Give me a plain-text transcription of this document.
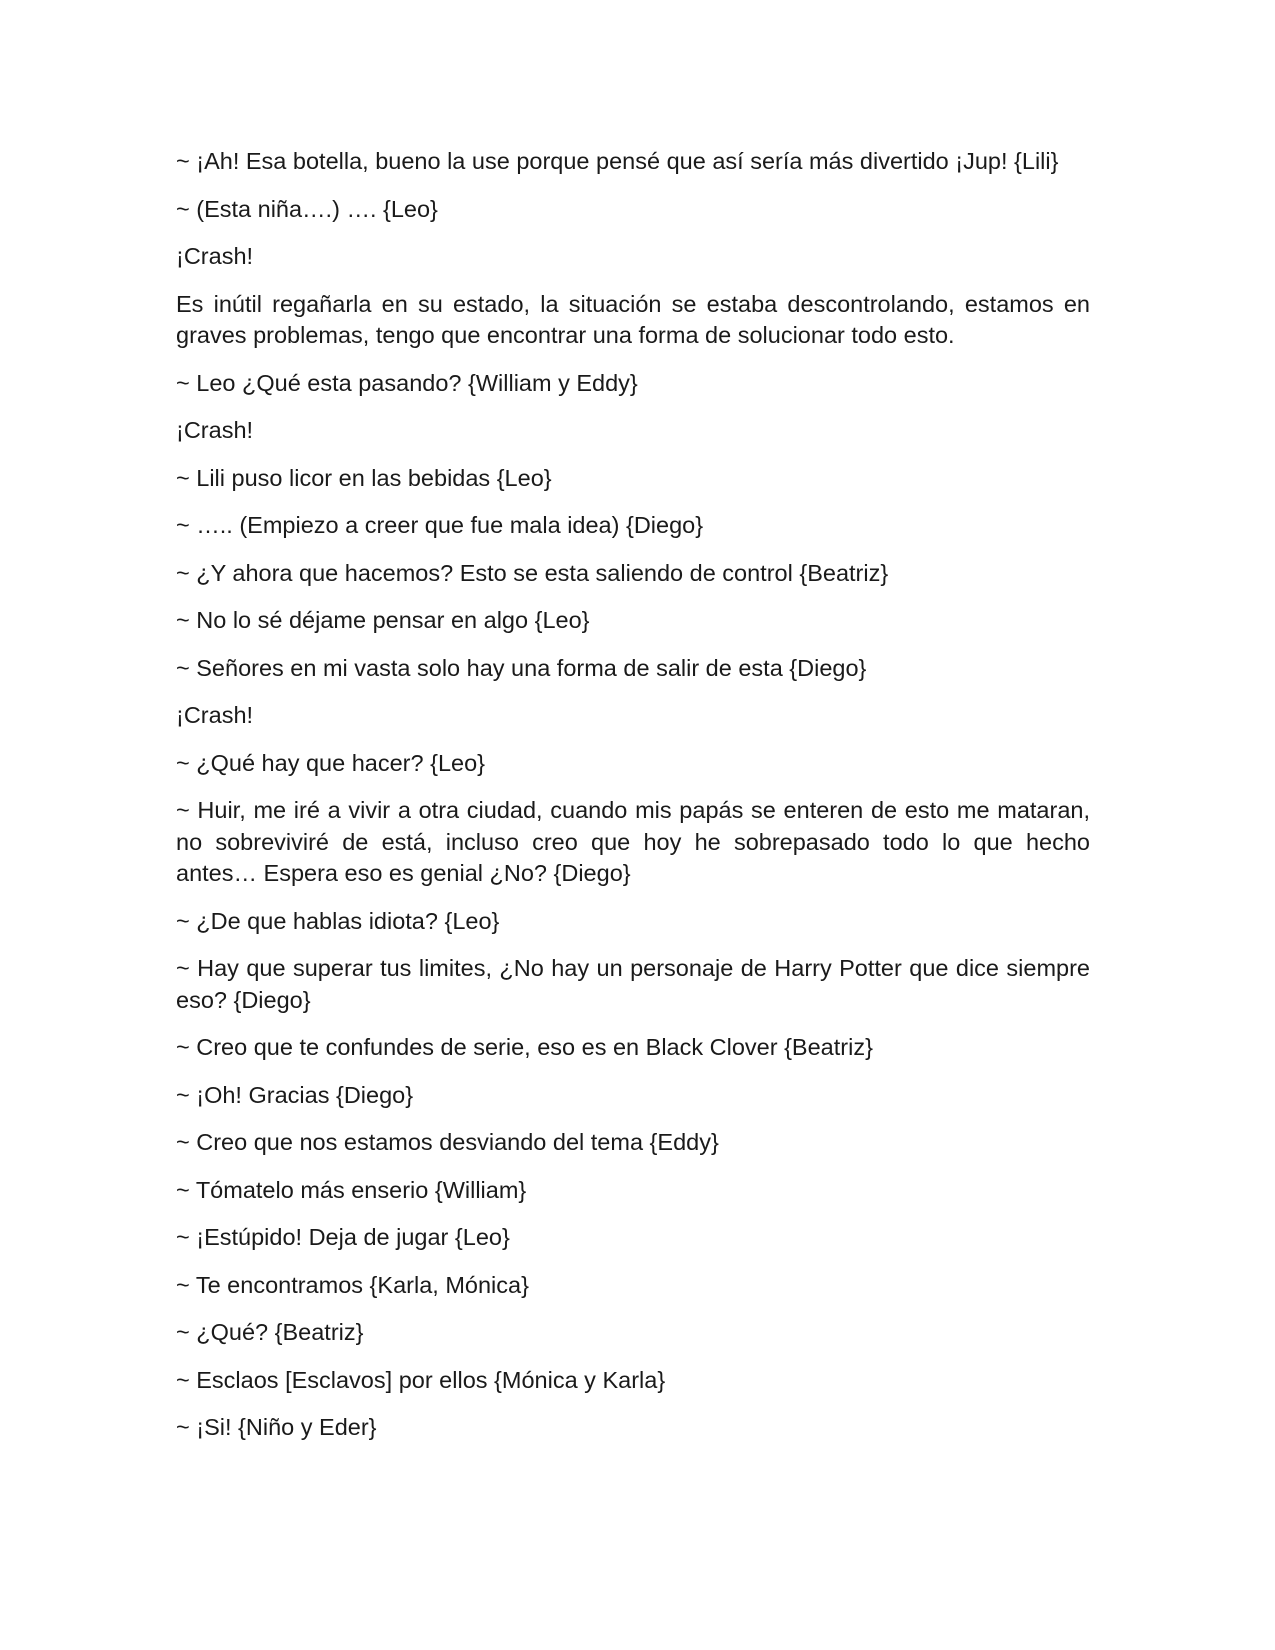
~ ¡Ah! Esa botella, bueno la use porque pensé que así sería más divertido ¡Jup! {Lili}

~ (Esta niña….) …. {Leo}

¡Crash!

Es inútil regañarla en su estado, la situación se estaba descontrolando, estamos en graves problemas, tengo que encontrar una forma de solucionar todo esto.

~ Leo ¿Qué esta pasando? {William y Eddy}

¡Crash!

~ Lili puso licor en las bebidas {Leo}

~ ….. (Empiezo a creer que fue mala idea) {Diego}

~ ¿Y ahora que hacemos? Esto se esta saliendo de control {Beatriz}

~ No lo sé déjame pensar en algo {Leo}

~ Señores en mi vasta solo hay una forma de salir de esta {Diego}

¡Crash!

~ ¿Qué hay que hacer? {Leo}

~ Huir, me iré a vivir a otra ciudad, cuando mis papás se enteren de esto me mataran, no sobreviviré de está, incluso creo que hoy he sobrepasado todo lo que hecho antes… Espera eso es genial ¿No? {Diego}

~ ¿De que hablas idiota? {Leo}

~ Hay que superar tus limites, ¿No hay un personaje de Harry Potter que dice siempre eso? {Diego}

~ Creo que te confundes de serie, eso es en Black Clover {Beatriz}

~ ¡Oh! Gracias {Diego}

~ Creo que nos estamos desviando del tema {Eddy}

~ Tómatelo más enserio {William}

~ ¡Estúpido! Deja de jugar {Leo}

~ Te encontramos {Karla, Mónica}

~ ¿Qué? {Beatriz}

~ Esclaos [Esclavos] por ellos {Mónica y Karla}

~ ¡Si! {Niño y Eder}
